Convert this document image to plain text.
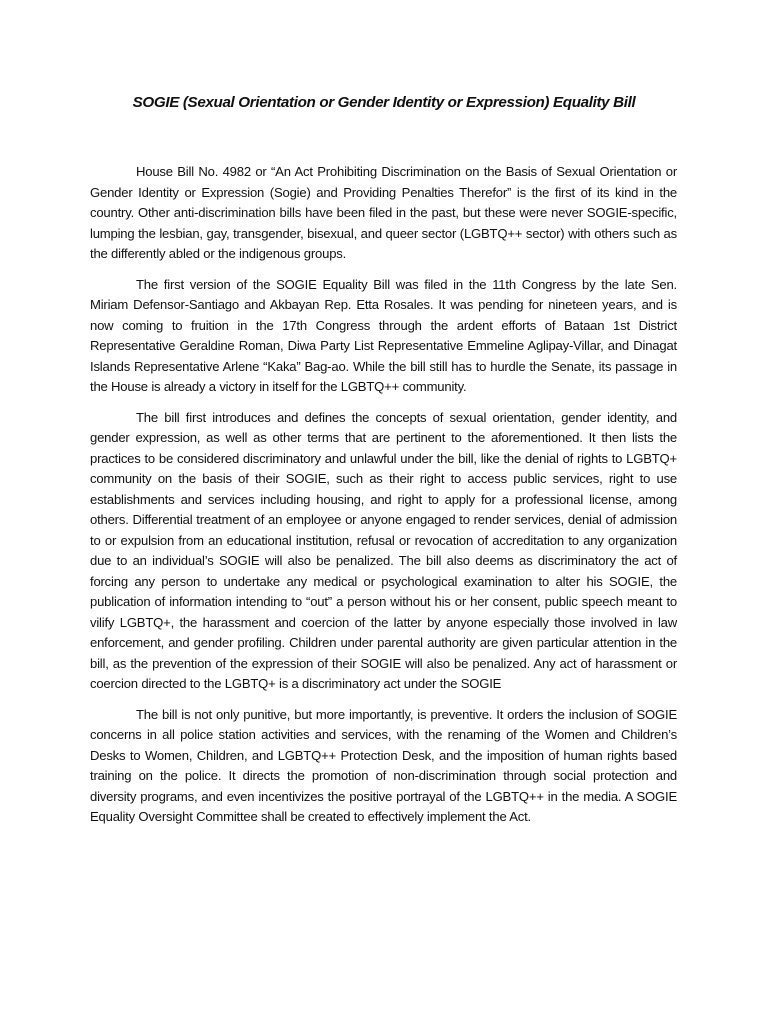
SOGIE (Sexual Orientation or Gender Identity or Expression) Equality Bill

House Bill No. 4982 or “An Act Prohibiting Discrimination on the Basis of Sexual Orientation or Gender Identity or Expression (Sogie) and Providing Penalties Therefor” is the first of its kind in the country. Other anti-discrimination bills have been filed in the past, but these were never SOGIE-specific, lumping the lesbian, gay, transgender, bisexual, and queer sector (LGBTQ++ sector) with others such as the differently abled or the indigenous groups.

The first version of the SOGIE Equality Bill was filed in the 11th Congress by the late Sen. Miriam Defensor-Santiago and Akbayan Rep. Etta Rosales. It was pending for nineteen years, and is now coming to fruition in the 17th Congress through the ardent efforts of Bataan 1st District Representative Geraldine Roman, Diwa Party List Representative Emmeline Aglipay-Villar, and Dinagat Islands Representative Arlene “Kaka” Bag-ao. While the bill still has to hurdle the Senate, its passage in the House is already a victory in itself for the LGBTQ++ community.

The bill first introduces and defines the concepts of sexual orientation, gender identity, and gender expression, as well as other terms that are pertinent to the aforementioned. It then lists the practices to be considered discriminatory and unlawful under the bill, like the denial of rights to LGBTQ+ community on the basis of their SOGIE, such as their right to access public services, right to use establishments and services including housing, and right to apply for a professional license, among others. Differential treatment of an employee or anyone engaged to render services, denial of admission to or expulsion from an educational institution, refusal or revocation of accreditation to any organization due to an individual’s SOGIE will also be penalized. The bill also deems as discriminatory the act of forcing any person to undertake any medical or psychological examination to alter his SOGIE, the publication of information intending to “out” a person without his or her consent, public speech meant to vilify LGBTQ+, the harassment and coercion of the latter by anyone especially those involved in law enforcement, and gender profiling. Children under parental authority are given particular attention in the bill, as the prevention of the expression of their SOGIE will also be penalized. Any act of harassment or coercion directed to the LGBTQ+ is a discriminatory act under the SOGIE

The bill is not only punitive, but more importantly, is preventive. It orders the inclusion of SOGIE concerns in all police station activities and services, with the renaming of the Women and Children’s Desks to Women, Children, and LGBTQ++ Protection Desk, and the imposition of human rights based training on the police. It directs the promotion of non-discrimination through social protection and diversity programs, and even incentivizes the positive portrayal of the LGBTQ++ in the media. A SOGIE Equality Oversight Committee shall be created to effectively implement the Act.
